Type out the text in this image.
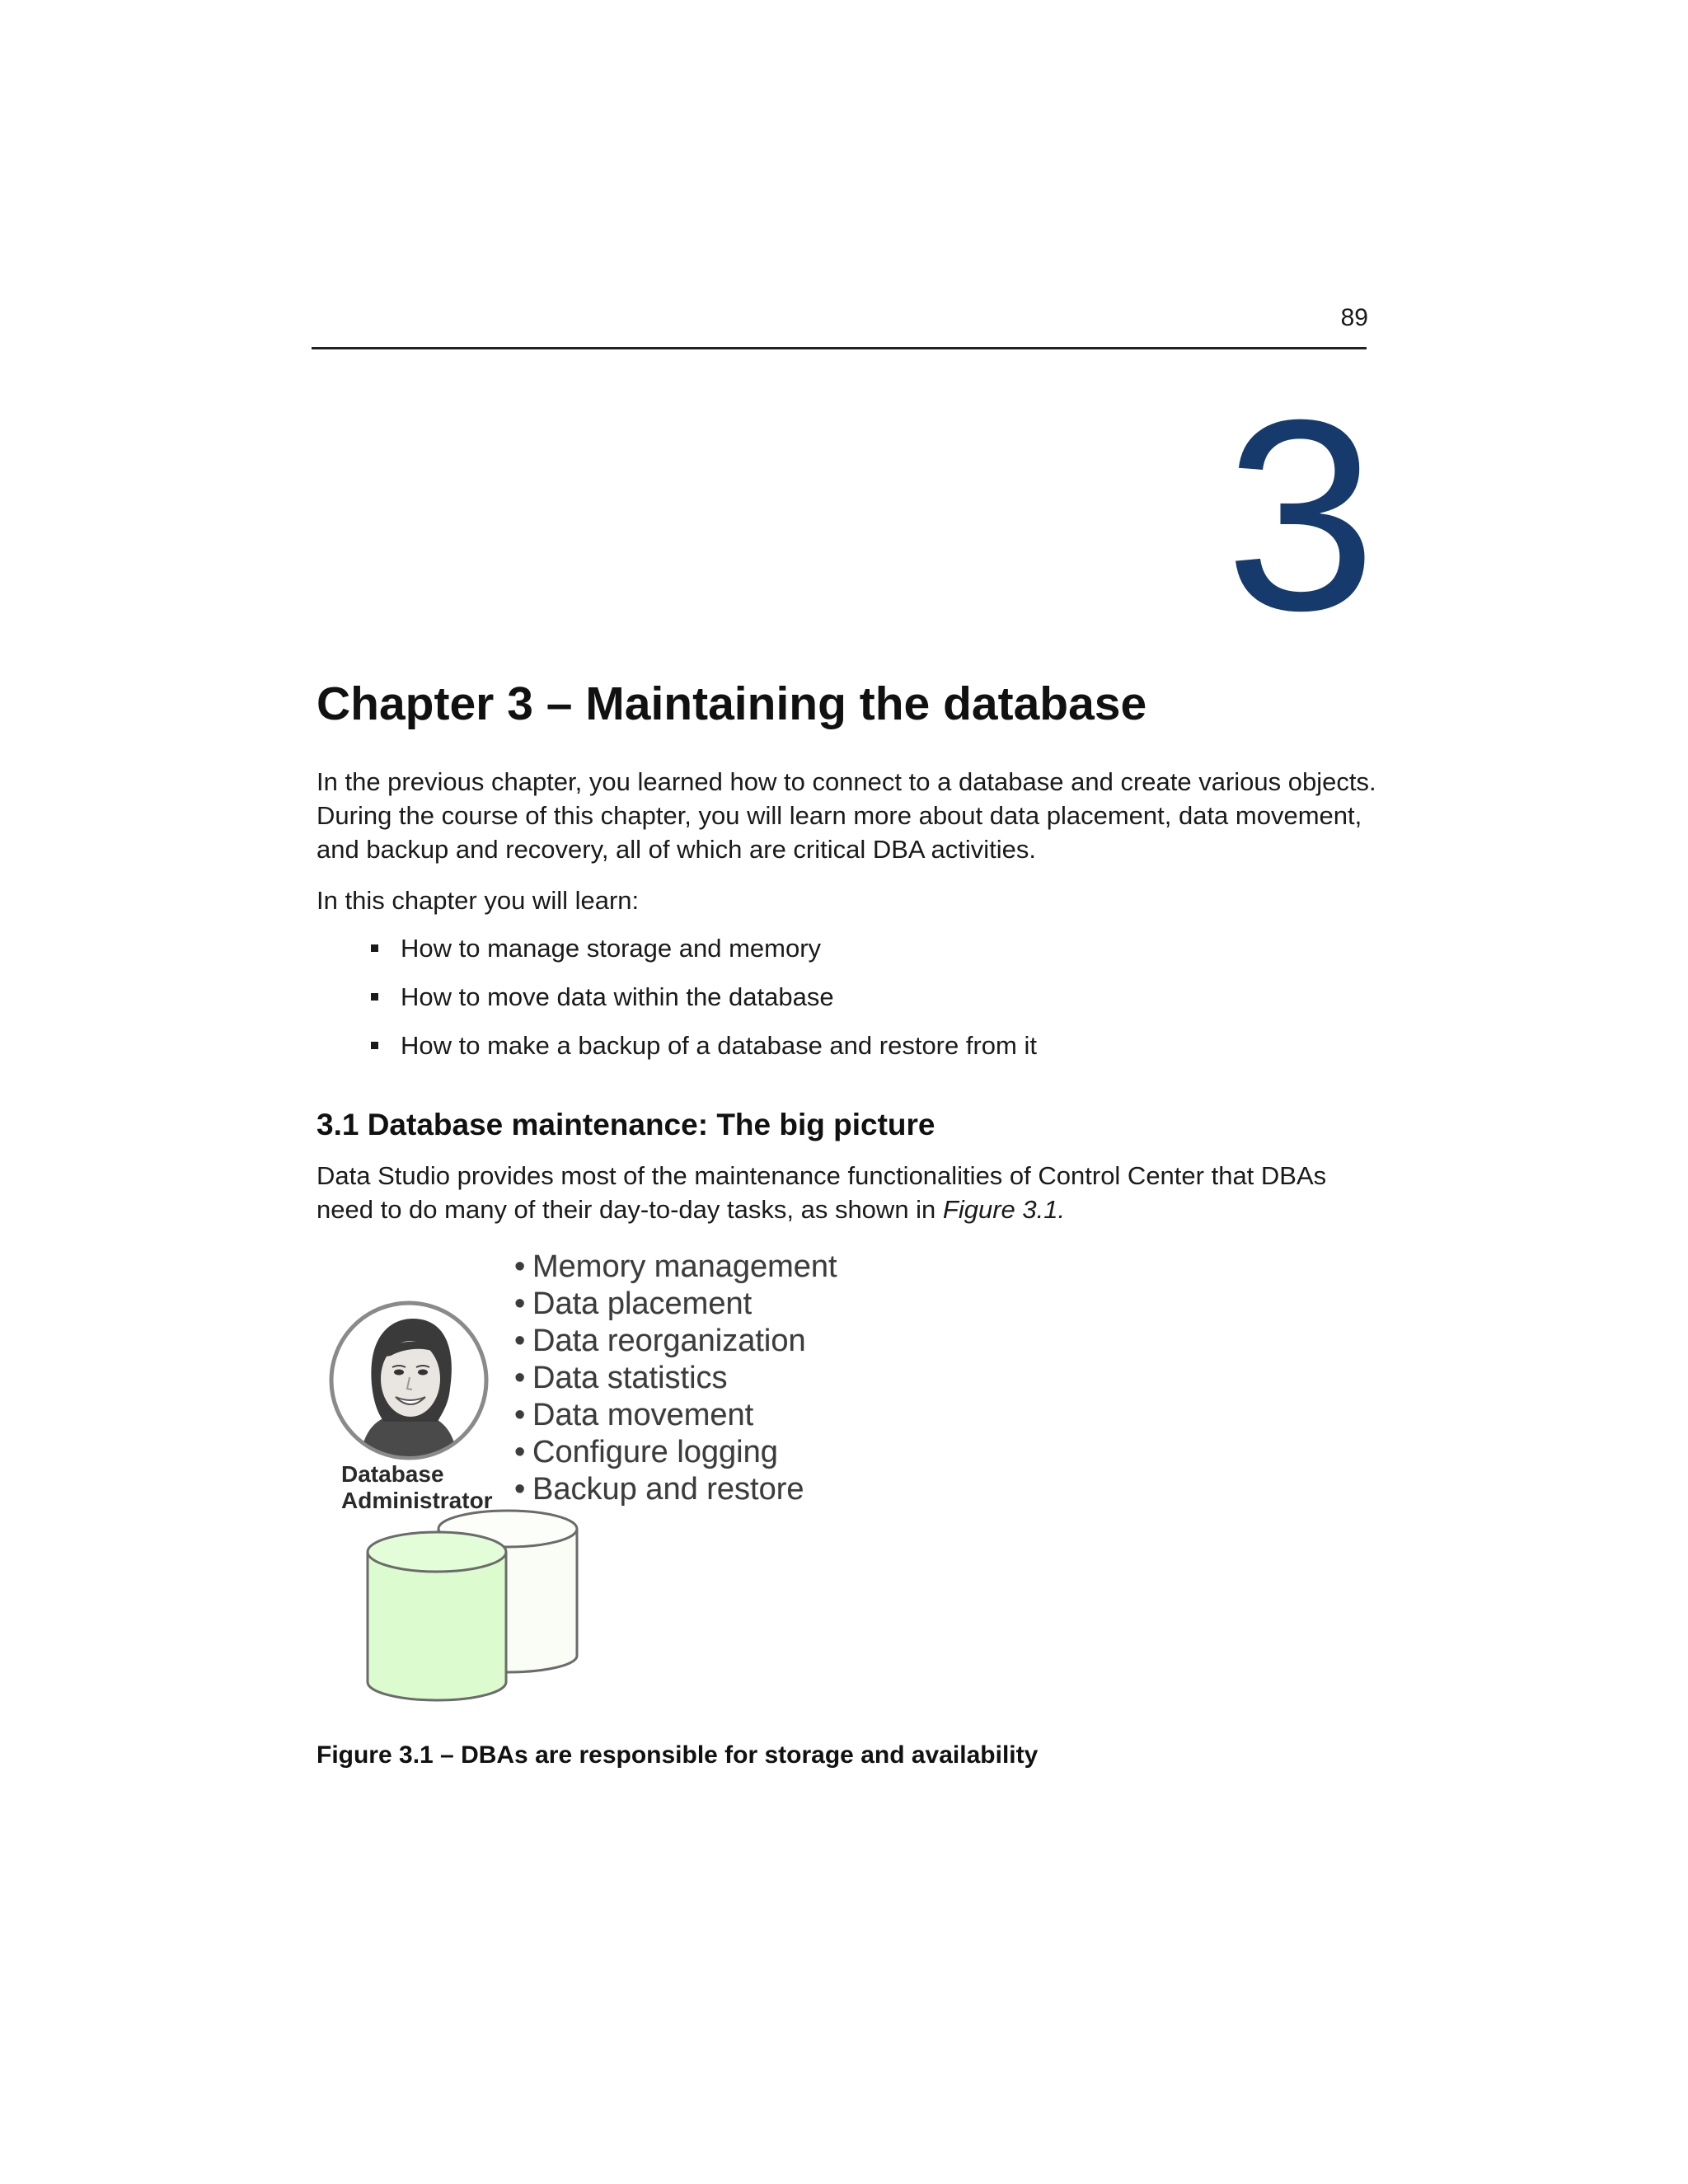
89
3
Chapter 3 – Maintaining the database

In the previous chapter, you learned how to connect to a database and create various objects. During the course of this chapter, you will learn more about data placement, data movement, and backup and recovery, all of which are critical DBA activities.

In this chapter you will learn:

How to manage storage and memory
How to move data within the database
How to make a backup of a database and restore from it
3.1 Database maintenance: The big picture

Data Studio provides most of the maintenance functionalities of Control Center that DBAs need to do many of their day-to-day tasks, as shown in Figure 3.1.

• Memory management
• Data placement
• Data reorganization
• Data statistics
• Data movement
• Configure logging
• Backup and restore
Database
Administrator

Figure 3.1 – DBAs are responsible for storage and availability
